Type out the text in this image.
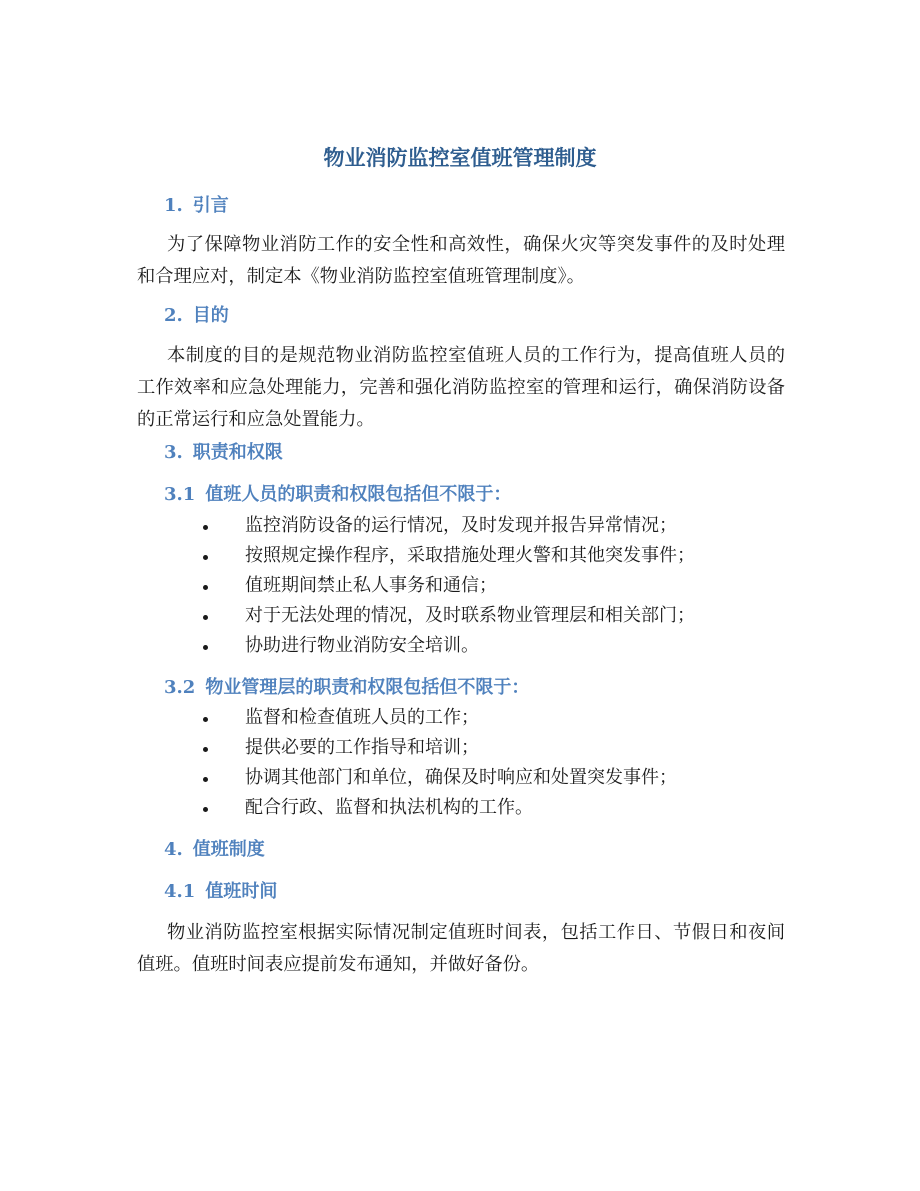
物业消防监控室值班管理制度
1. 引言

为了保障物业消防工作的安全性和高效性，确保火灾等突发事件的及时处理和合理应对，制定本《物业消防监控室值班管理制度》。

2. 目的

本制度的目的是规范物业消防监控室值班人员的工作行为，提高值班人员的工作效率和应急处理能力，完善和强化消防监控室的管理和运行，确保消防设备的正常运行和应急处置能力。

3. 职责和权限
3.1 值班人员的职责和权限包括但不限于：
监控消防设备的运行情况，及时发现并报告异常情况；
按照规定操作程序，采取措施处理火警和其他突发事件；
值班期间禁止私人事务和通信；
对于无法处理的情况，及时联系物业管理层和相关部门；
协助进行物业消防安全培训。
3.2 物业管理层的职责和权限包括但不限于：
监督和检查值班人员的工作；
提供必要的工作指导和培训；
协调其他部门和单位，确保及时响应和处置突发事件；
配合行政、监督和执法机构的工作。
4. 值班制度
4.1 值班时间

物业消防监控室根据实际情况制定值班时间表，包括工作日、节假日和夜间值班。值班时间表应提前发布通知，并做好备份。
